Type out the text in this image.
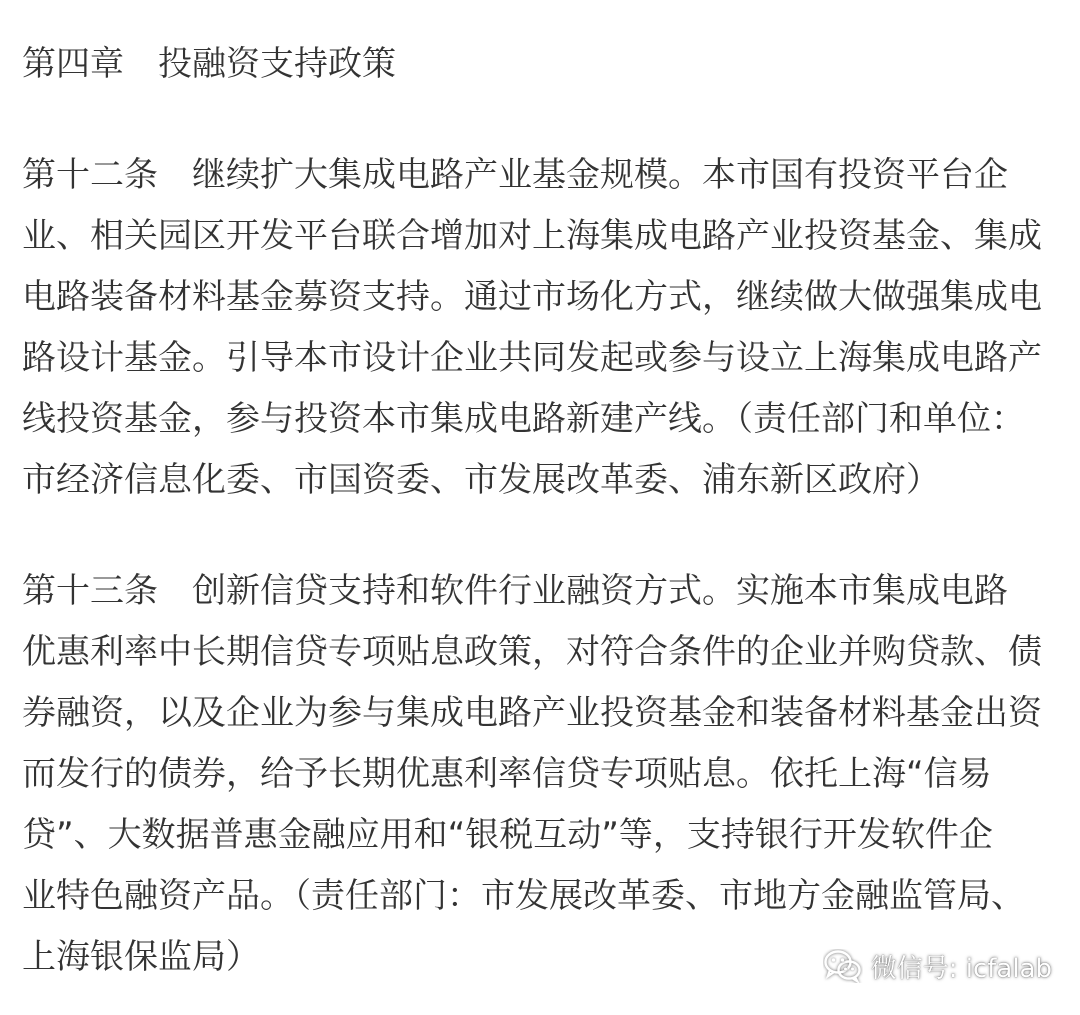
第四章　投融资支持政策
第十二条　继续扩大集成电路产业基金规模。本市国有投资平台企
业、相关园区开发平台联合增加对上海集成电路产业投资基金、集成
电路装备材料基金募资支持。通过市场化方式，继续做大做强集成电
路设计基金。引导本市设计企业共同发起或参与设立上海集成电路产
线投资基金，参与投资本市集成电路新建产线。（责任部门和单位：
市经济信息化委、市国资委、市发展改革委、浦东新区政府）
第十三条　创新信贷支持和软件行业融资方式。实施本市集成电路
优惠利率中长期信贷专项贴息政策，对符合条件的企业并购贷款、债
券融资，以及企业为参与集成电路产业投资基金和装备材料基金出资
而发行的债券，给予长期优惠利率信贷专项贴息。依托上海“信易
贷”、大数据普惠金融应用和“银税互动”等，支持银行开发软件企
业特色融资产品。（责任部门：市发展改革委、市地方金融监管局、
上海银保监局）	微信号: icfalab
